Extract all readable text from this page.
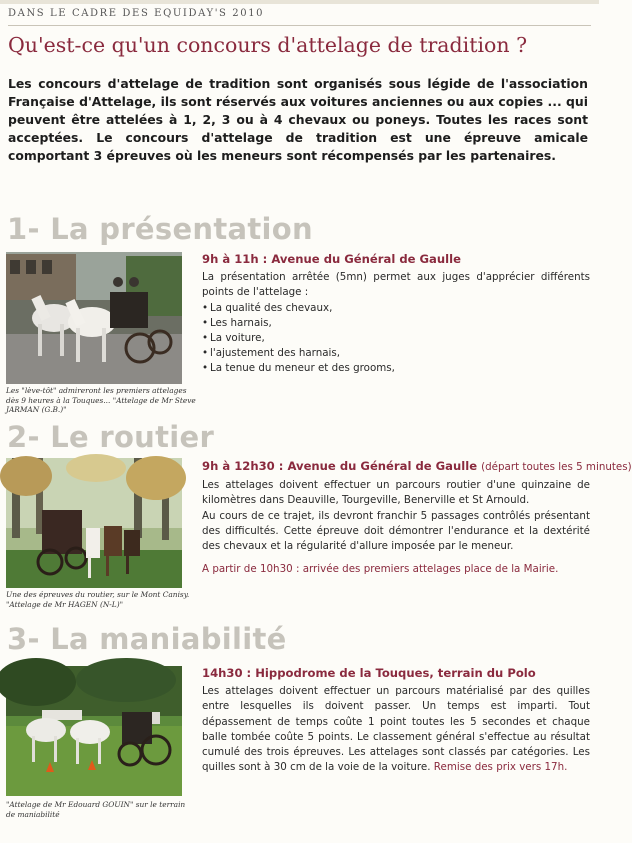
DANS LE CADRE DES EQUIDAY'S 2010
Qu'est-ce qu'un concours d'attelage de tradition ?
Les concours d'attelage de tradition sont organisés sous légide de l'association Française d'Attelage, ils sont réservés aux voitures anciennes ou aux copies ... qui peuvent être attelées à 1, 2, 3 ou à 4 chevaux ou poneys. Toutes les races sont acceptées. Le concours d'attelage de tradition est une épreuve amicale comportant 3 épreuves où les meneurs sont récompensés par les partenaires.
1- La présentation
Les "lève-tôt" admireront les premiers attelages dès 9 heures à la Touques... "Attelage de Mr Steve JARMAN (G.B.)"
9h à 11h : Avenue du Général de Gaulle

La présentation arrêtée (5mn) permet aux juges d'apprécier différents points de l'attelage :

• La qualité des chevaux,
• Les harnais,
• La voiture,
• l'ajustement des harnais,
• La tenue du meneur et des grooms,
2- Le routier
Une des épreuves du routier, sur le Mont Canisy. "Attelage de Mr HAGEN (N-L)"
9h à 12h30 : Avenue du Général de Gaulle (départ toutes les 5 minutes)

Les attelages doivent effectuer un parcours routier d'une quinzaine de kilomètres dans Deauville, Tourgeville, Benerville et St Arnould.

Au cours de ce trajet, ils devront franchir 5 passages contrôlés présentant des difficultés. Cette épreuve doit démontrer l'endurance et la dextérité des chevaux et la régularité d'allure imposée par le meneur.

A partir de 10h30 : arrivée des premiers attelages place de la Mairie.

3- La maniabilité
"Attelage de Mr Edouard GOUIN" sur le terrain de maniabilité
14h30 : Hippodrome de la Touques, terrain du Polo

Les attelages doivent effectuer un parcours matérialisé par des quilles entre lesquelles ils doivent passer. Un temps est imparti. Tout dépassement de temps coûte 1 point toutes les 5 secondes et chaque balle tombée coûte 5 points. Le classement général s'effectue au résultat cumulé des trois épreuves. Les attelages sont classés par catégories. Les quilles sont à 30 cm de la voie de la voiture. Remise des prix vers 17h.
